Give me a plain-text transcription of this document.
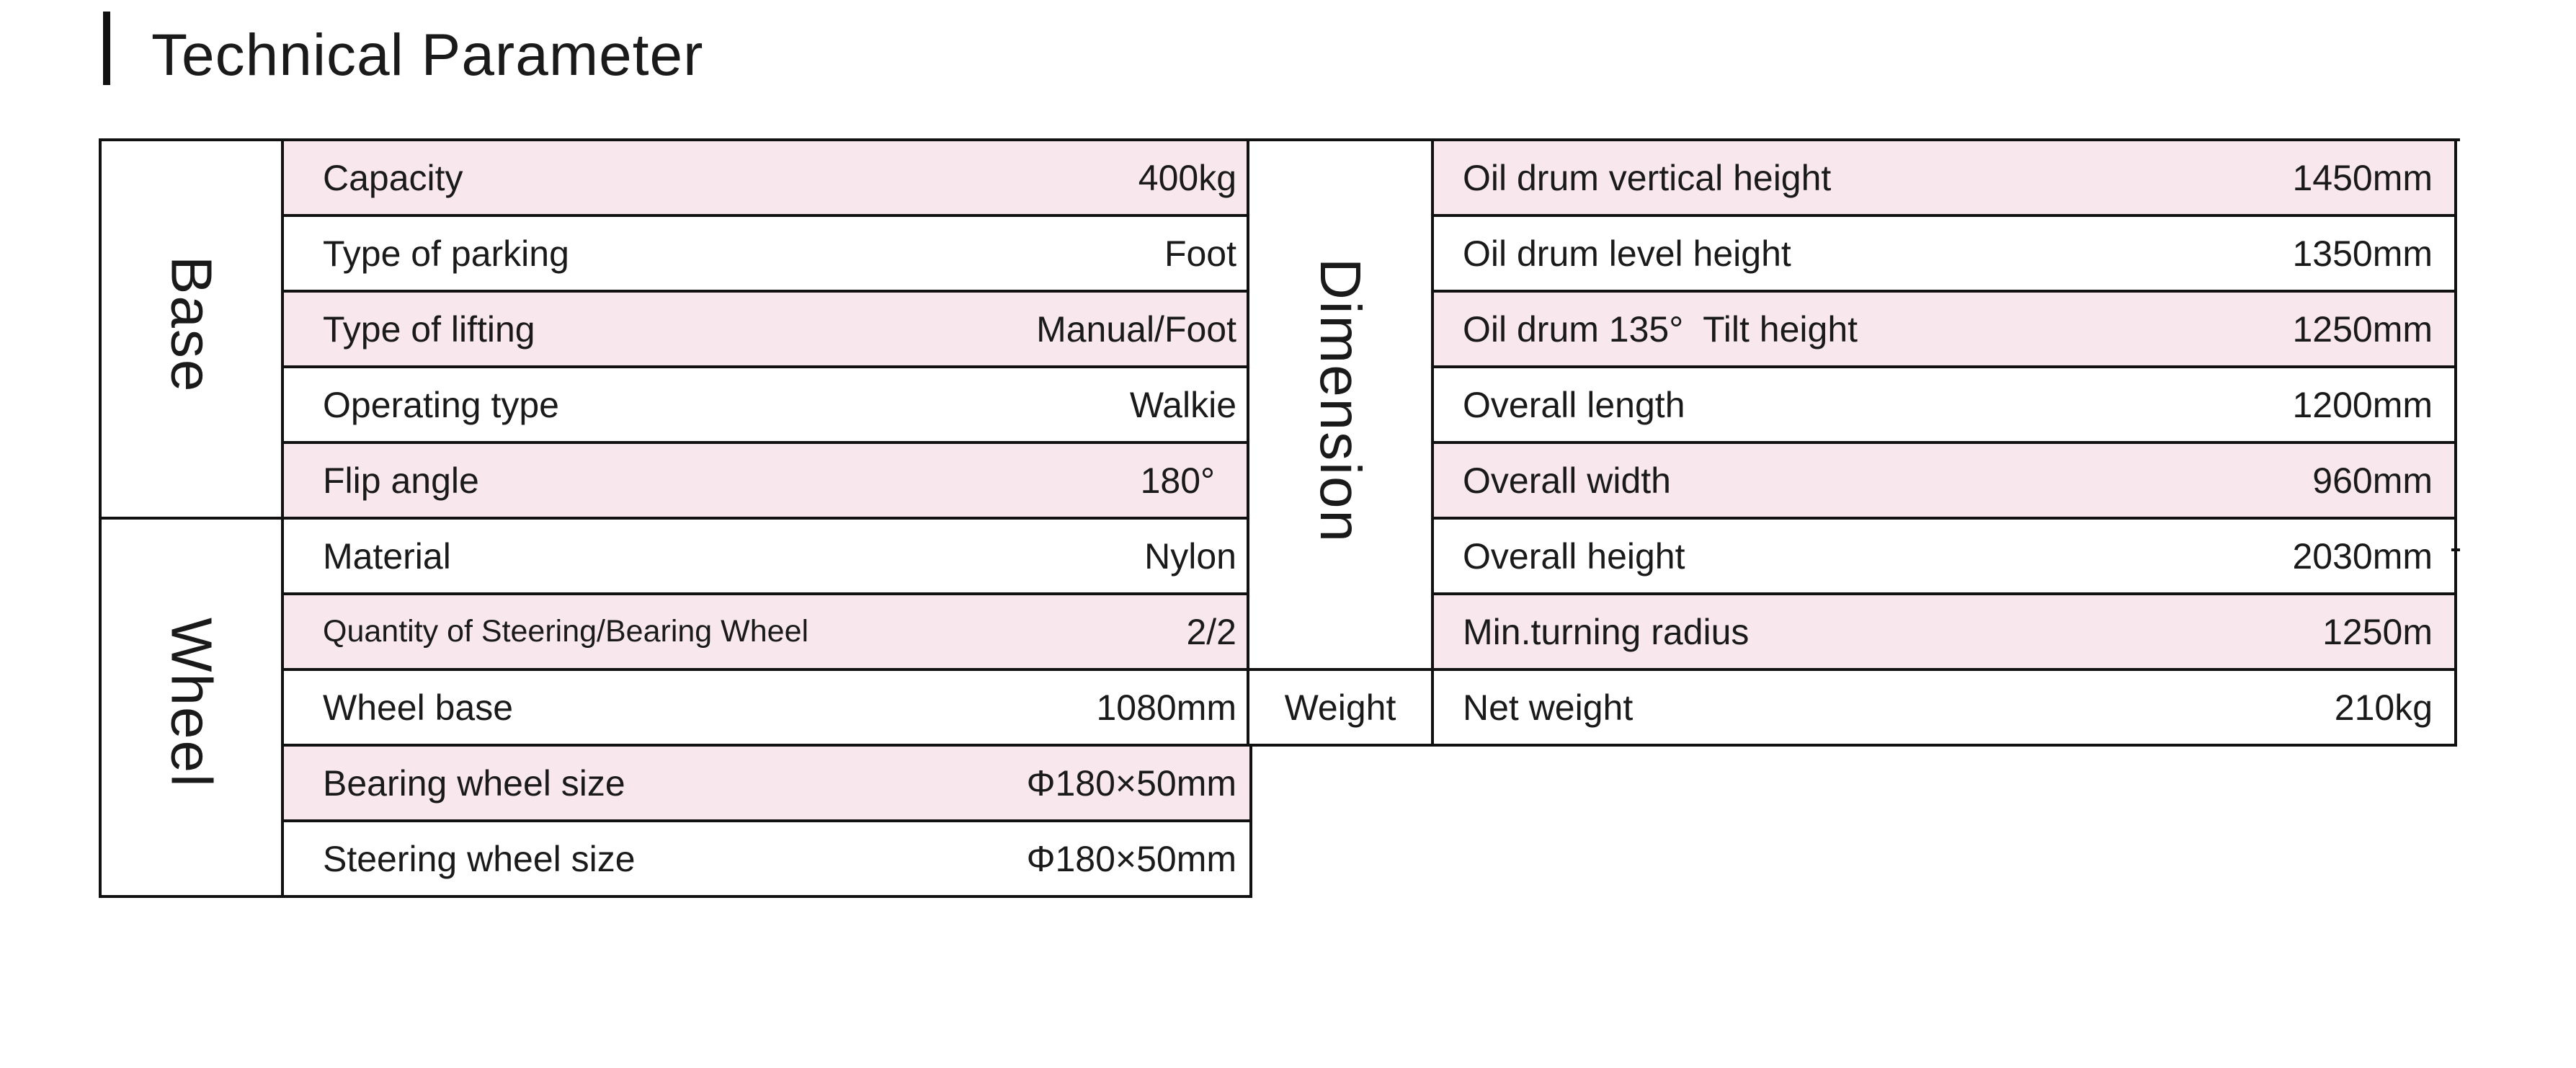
Technical Parameter
Base	Capacity 400kg

	Type of parking Foot

	Type of lifting Manual/Foot

	Operating type Walkie

	Flip angle 180°

Wheel	Material Nylon

	Quantity of Steering/Bearing Wheel 2/2

	Wheel base 1080mm

	Bearing wheel size Φ180×50mm

	Steering wheel size Φ180×50mm
Dimension	Oil drum vertical height 1450mm

	Oil drum level height 1350mm

	Oil drum 135°  Tilt height 1250mm

	Overall length 1200mm

	Overall width 960mm

	Overall height 2030mm

	Min.turning radius 1250m

Weight	Net weight 210kg
